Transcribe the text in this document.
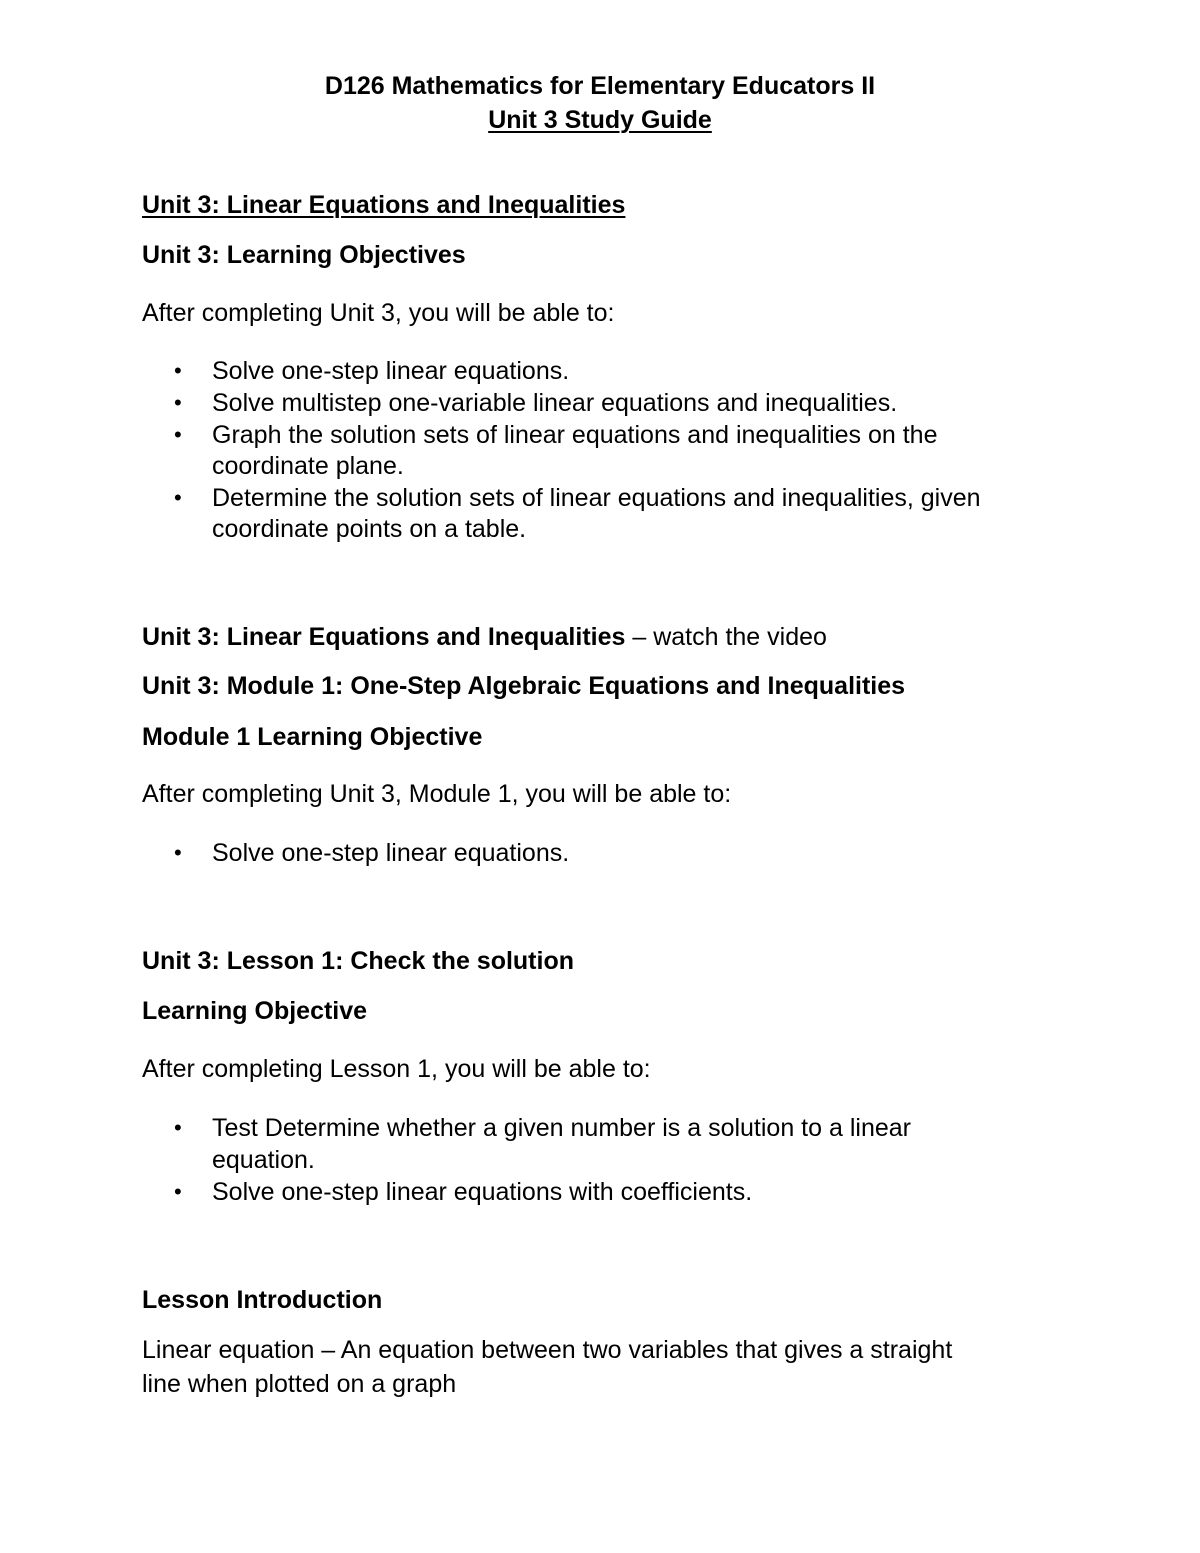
D126 Mathematics for Elementary Educators II

Unit 3 Study Guide

Unit 3: Linear Equations and Inequalities

Unit 3: Learning Objectives

After completing Unit 3, you will be able to:

• Solve one-step linear equations.

• Solve multistep one-variable linear equations and inequalities.

• Graph the solution sets of linear equations and inequalities on the

coordinate plane.

• Determine the solution sets of linear equations and inequalities, given

coordinate points on a table.

Unit 3: Linear Equations and Inequalities – watch the video

Unit 3: Module 1: One-Step Algebraic Equations and Inequalities

Module 1 Learning Objective

After completing Unit 3, Module 1, you will be able to:

• Solve one-step linear equations.

Unit 3: Lesson 1: Check the solution

Learning Objective

After completing Lesson 1, you will be able to:

• Test Determine whether a given number is a solution to a linear

equation.

• Solve one-step linear equations with coefficients.

Lesson Introduction

Linear equation – An equation between two variables that gives a straight

line when plotted on a graph
